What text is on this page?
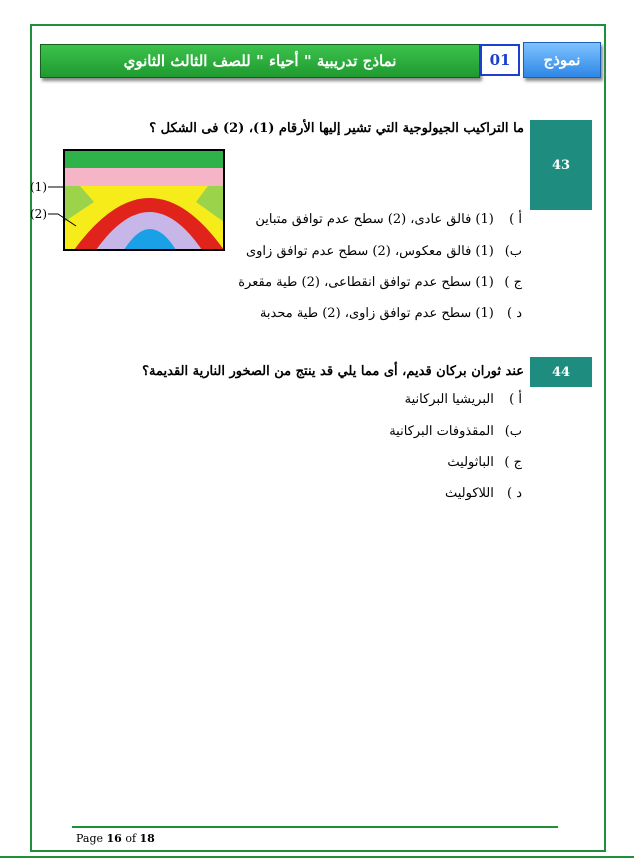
نماذج تدريبية " أحياء " للصف الثالث الثانوي	01 نموذج
43
ما التراكيب الجيولوجية التي تشير إليها الأرقام (1)، (2) فى الشكل ؟
(1)
(2)	أ ) (1) فالق عادى، (2) سطح عدم توافق متباين
ب) (1) فالق معكوس، (2) سطح عدم توافق زاوى
ج ) (1) سطح عدم توافق انقطاعى، (2) طية مقعرة
د ) (1) سطح عدم توافق زاوى، (2) طية محدبة
44
عند ثوران بركان قديم، أى مما يلي قد ينتج من الصخور النارية القديمة؟
أ ) البريشيا البركانية
ب) المقذوفات البركانية
ج ) الباثوليث
د ) اللاكوليث
Page 16 of 18
